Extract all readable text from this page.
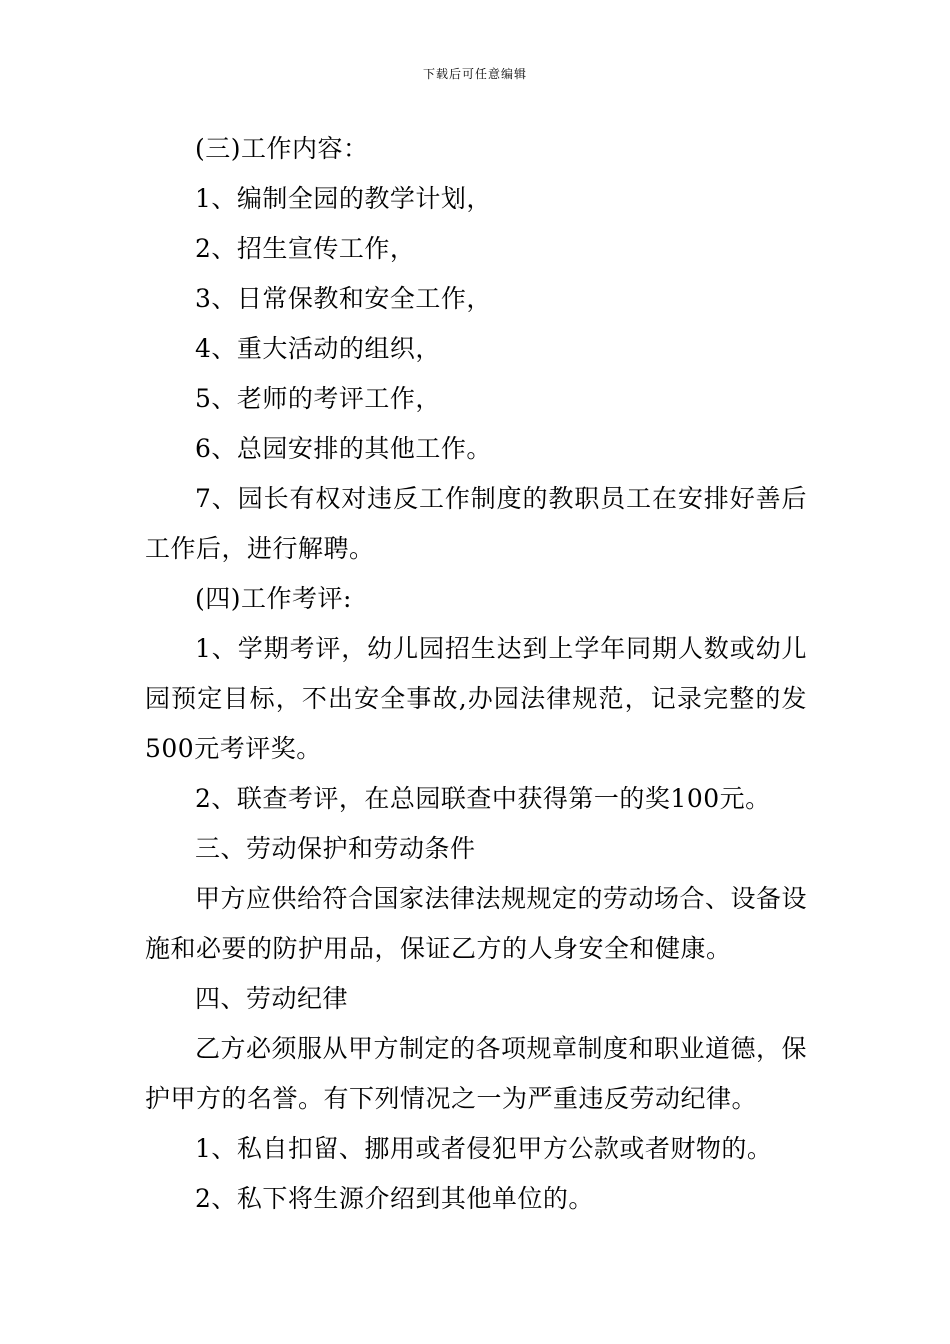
下载后可任意编辑

(三)工作内容：

1、编制全园的教学计划，

2、招生宣传工作，

3、日常保教和安全工作，

4、重大活动的组织，

5、老师的考评工作，

6、总园安排的其他工作。

7、园长有权对违反工作制度的教职员工在安排好善后工作后，进行解聘。

(四)工作考评:

1、学期考评，幼儿园招生达到上学年同期人数或幼儿园预定目标，不出安全事故,办园法律规范，记录完整的发500元考评奖。

2、联查考评，在总园联查中获得第一的奖100元。

三、劳动保护和劳动条件

甲方应供给符合国家法律法规规定的劳动场合、设备设施和必要的防护用品，保证乙方的人身安全和健康。

四、劳动纪律

乙方必须服从甲方制定的各项规章制度和职业道德，保护甲方的名誉。有下列情况之一为严重违反劳动纪律。

1、私自扣留、挪用或者侵犯甲方公款或者财物的。

2、私下将生源介绍到其他单位的。
